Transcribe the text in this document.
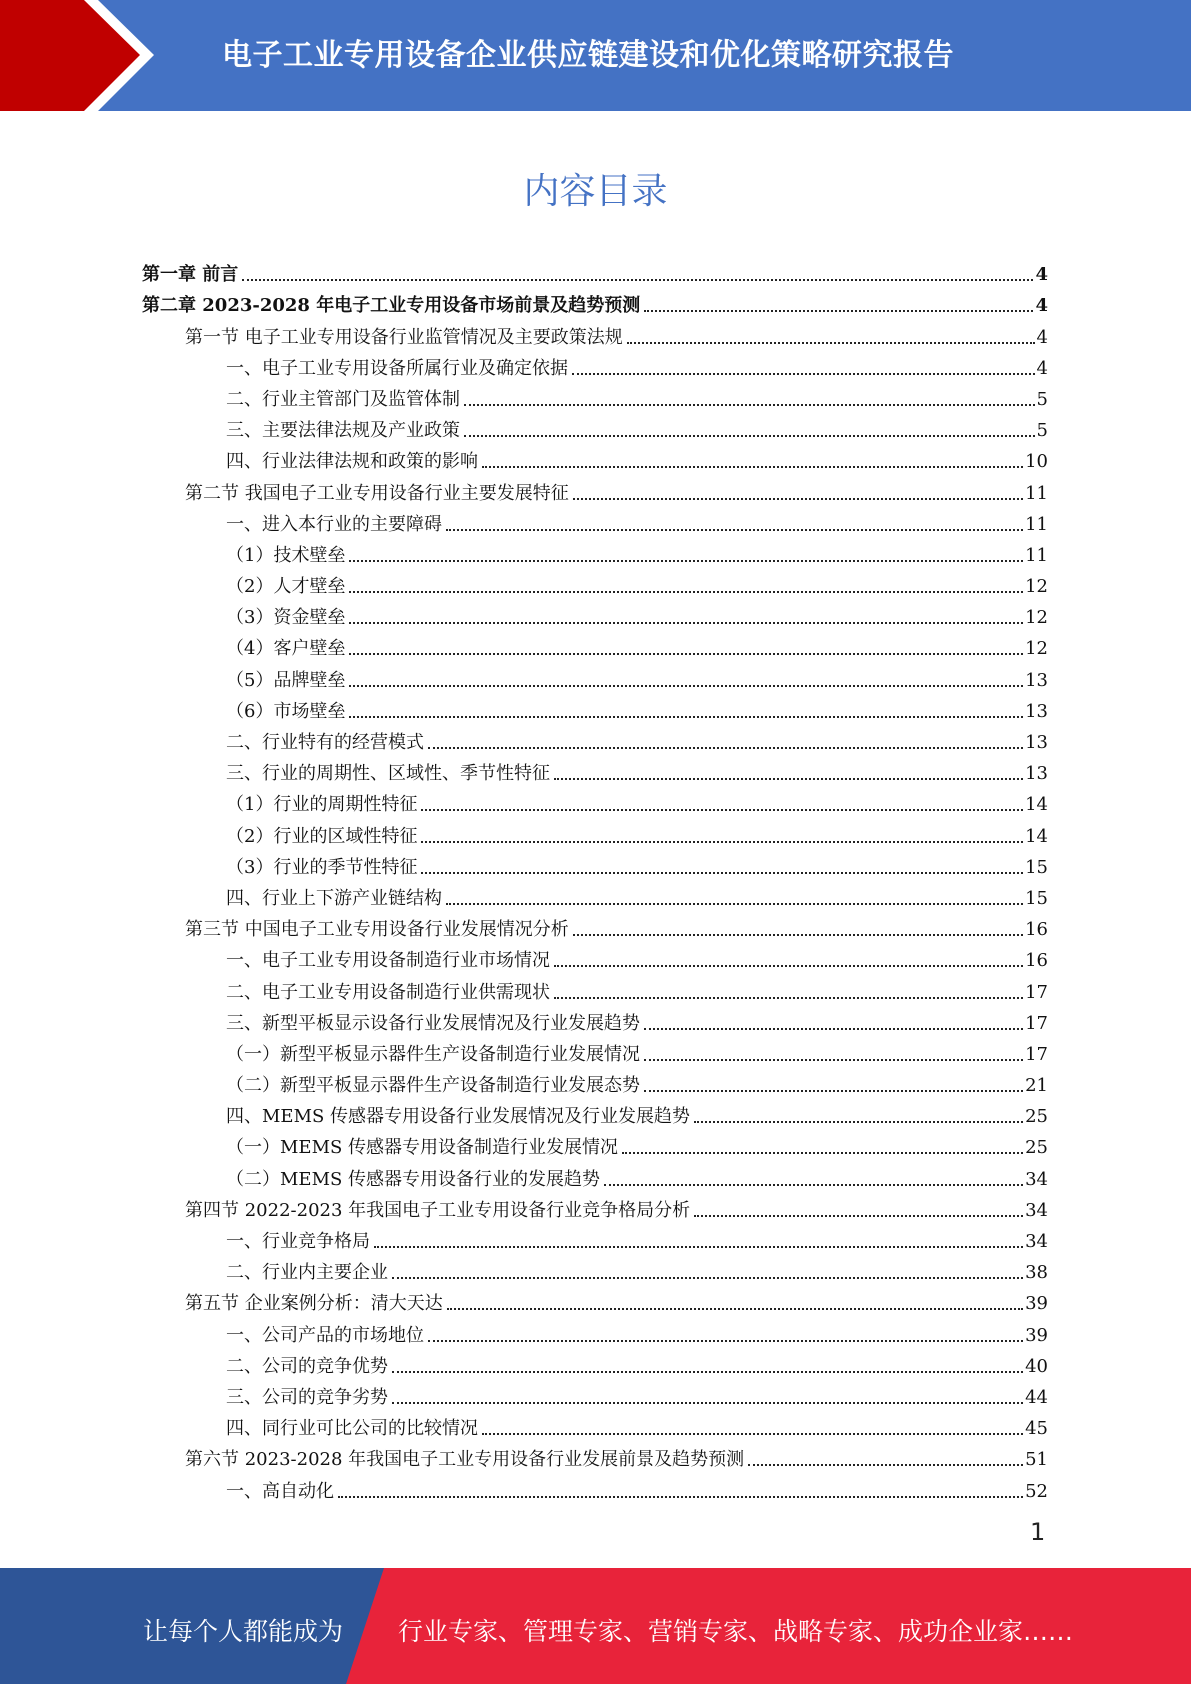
电子工业专用设备企业供应链建设和优化策略研究报告
内容目录
第一章 前言	4
第二章 2023-2028 年电子工业专用设备市场前景及趋势预测	4
第一节 电子工业专用设备行业监管情况及主要政策法规	4
一、电子工业专用设备所属行业及确定依据	4
二、行业主管部门及监管体制	5
三、主要法律法规及产业政策	5
四、行业法律法规和政策的影响	10
第二节 我国电子工业专用设备行业主要发展特征	11
一、进入本行业的主要障碍	11
（1）技术壁垒	11
（2）人才壁垒	12
（3）资金壁垒	12
（4）客户壁垒	12
（5）品牌壁垒	13
（6）市场壁垒	13
二、行业特有的经营模式	13
三、行业的周期性、区域性、季节性特征	13
（1）行业的周期性特征	14
（2）行业的区域性特征	14
（3）行业的季节性特征	15
四、行业上下游产业链结构	15
第三节 中国电子工业专用设备行业发展情况分析	16
一、电子工业专用设备制造行业市场情况	16
二、电子工业专用设备制造行业供需现状	17
三、新型平板显示设备行业发展情况及行业发展趋势	17
（一）新型平板显示器件生产设备制造行业发展情况	17
（二）新型平板显示器件生产设备制造行业发展态势	21
四、MEMS 传感器专用设备行业发展情况及行业发展趋势	25
（一）MEMS 传感器专用设备制造行业发展情况	25
（二）MEMS 传感器专用设备行业的发展趋势	34
第四节 2022-2023 年我国电子工业专用设备行业竞争格局分析	34
一、行业竞争格局	34
二、行业内主要企业	38
第五节 企业案例分析：清大天达	39
一、公司产品的市场地位	39
二、公司的竞争优势	40
三、公司的竞争劣势	44
四、同行业可比公司的比较情况	45
第六节 2023-2028 年我国电子工业专用设备行业发展前景及趋势预测	51
一、高自动化	52
1
让每个人都能成为 行业专家、管理专家、营销专家、战略专家、成功企业家……
